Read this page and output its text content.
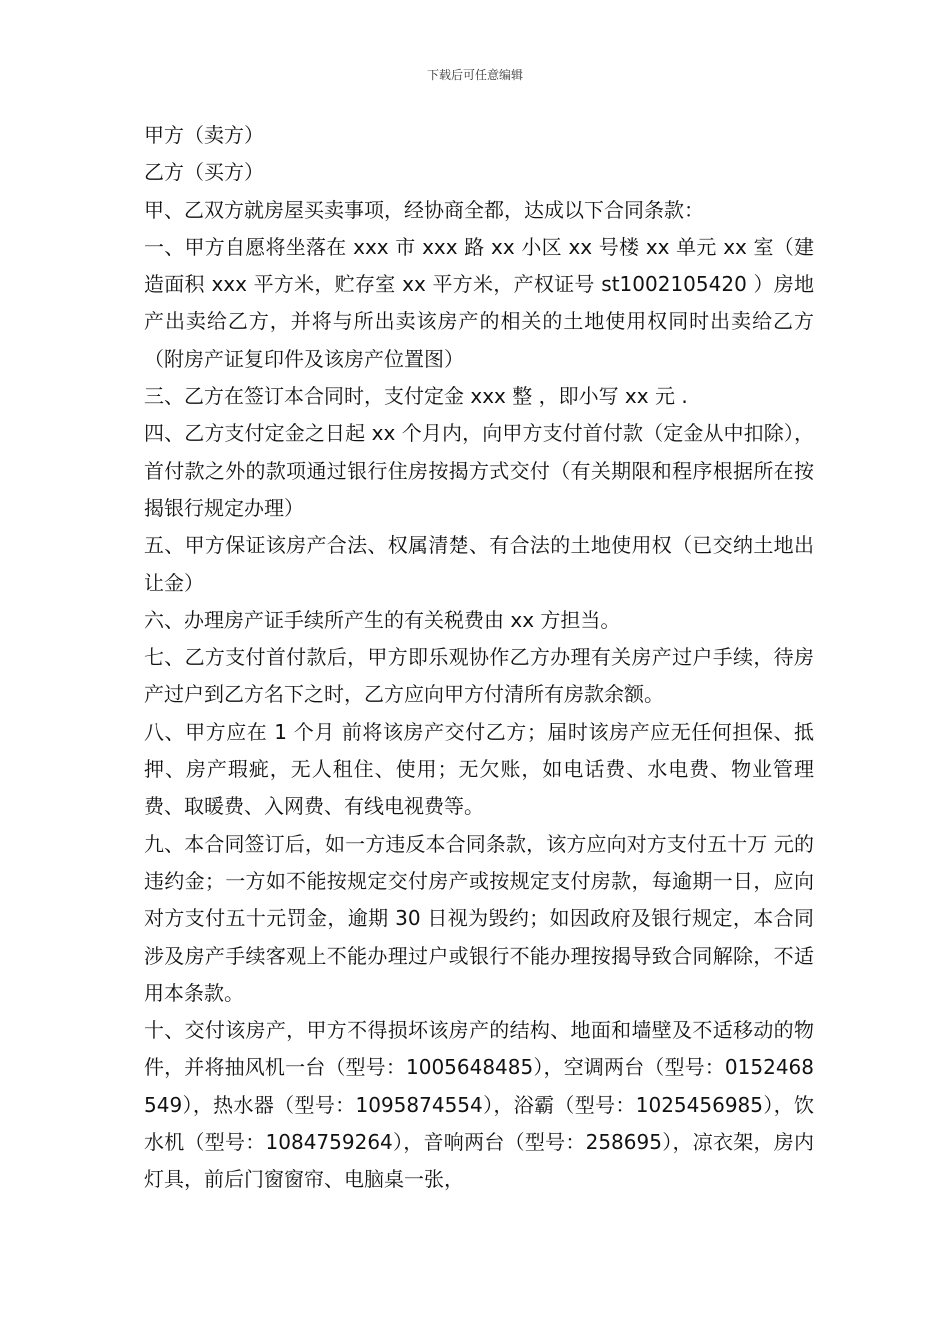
下载后可任意编辑

甲方（卖方）

乙方（买方）

甲、乙双方就房屋买卖事项，经协商全都，达成以下合同条款：

一、甲方自愿将坐落在 xxx 市 xxx 路 xx 小区 xx 号楼 xx 单元 xx 室（建造面积 xxx 平方米，贮存室 xx 平方米，产权证号 st1002105420 ）房地产出卖给乙方，并将与所出卖该房产的相关的土地使用权同时出卖给乙方（附房产证复印件及该房产位置图）

三、乙方在签订本合同时，支付定金 xxx 整 ，即小写 xx 元 .

四、乙方支付定金之日起 xx 个月内，向甲方支付首付款（定金从中扣除），首付款之外的款项通过银行住房按揭方式交付（有关期限和程序根据所在按揭银行规定办理）

五、甲方保证该房产合法、权属清楚、有合法的土地使用权（已交纳土地出让金）

六、办理房产证手续所产生的有关税费由 xx 方担当。

七、乙方支付首付款后，甲方即乐观协作乙方办理有关房产过户手续，待房产过户到乙方名下之时，乙方应向甲方付清所有房款余额。

八、甲方应在 1 个月 前将该房产交付乙方；届时该房产应无任何担保、抵押、房产瑕疵，无人租住、使用；无欠账，如电话费、水电费、物业管理费、取暖费、入网费、有线电视费等。

九、本合同签订后，如一方违反本合同条款，该方应向对方支付五十万 元的违约金；一方如不能按规定交付房产或按规定支付房款，每逾期一日，应向对方支付五十元罚金，逾期 30 日视为毁约；如因政府及银行规定，本合同涉及房产手续客观上不能办理过户或银行不能办理按揭导致合同解除，不适用本条款。

十、交付该房产，甲方不得损坏该房产的结构、地面和墙壁及不适移动的物件，并将抽风机一台（型号：1005648485），空调两台（型号：0152468549），热水器（型号：1095874554），浴霸（型号：1025456985），饮水机（型号：1084759264），音响两台（型号：258695），凉衣架，房内灯具，前后门窗窗帘、电脑桌一张，
